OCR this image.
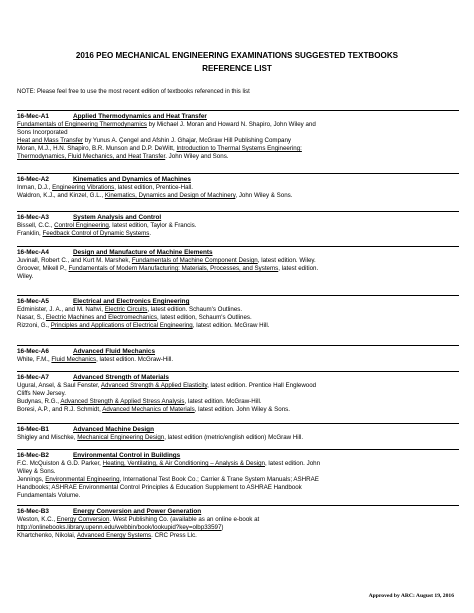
2016 PEO MECHANICAL ENGINEERING EXAMINATIONS SUGGESTED TEXTBOOKS
REFERENCE LIST
NOTE: Please feel free to use the most recent edition of textbooks referenced in this list
16-Mec-A1	Applied Thermodynamics and Heat Transfer
Fundamentals of Engineering Thermodynamics by Michael J. Moran and Howard N. Shapiro, John Wiley and
Sons Incorporated
Heat and Mass Transfer by Yunus A. Çengel and Afshin J. Ghajar, McGraw Hill Publishing Company
Moran, M.J., H.N. Shapiro, B.R. Munson and D.P. DeWitt, Introduction to Thermal Systems Engineering:
Thermodynamics, Fluid Mechanics, and Heat Transfer. John Wiley and Sons.
16-Mec-A2	Kinematics and Dynamics of Machines
Inman, D.J., Engineering Vibrations, latest edition, Prentice-Hall.
Waldron, K.J., and Kinzel, G.L., Kinematics, Dynamics and Design of Machinery, John Wiley & Sons.
16-Mec-A3	System Analysis and Control
Bissell, C.C., Control Engineering, latest edition, Taylor & Francis.
Franklin, Feedback Control of Dynamic Systems.
16-Mec-A4	Design and Manufacture of Machine Elements
Juvinall, Robert C., and Kurt M. Marshek, Fundamentals of Machine Component Design, latest edition. Wiley.
Groover, Mikell P., Fundamentals of Modern Manufacturing: Materials, Processes, and Systems, latest edition.
Wiley.
16-Mec-A5	Electrical and Electronics Engineering
Edminister, J. A., and M. Nahvi, Electric Circuits, latest edition. Schaum's Outlines.
Nasar, S., Electric Machines and Electromechanics, latest edition, Schaum's Outlines.
Rizzoni, G., Principles and Applications of Electrical Engineering, latest edition. McGraw Hill.
16-Mec-A6	Advanced Fluid Mechanics
White, F.M., Fluid Mechanics, latest edition. McGraw-Hill.
16-Mec-A7	Advanced Strength of Materials
Ugural, Ansel, & Saul Fenster, Advanced Strength & Applied Elasticity, latest edition. Prentice Hall Englewood
Cliffs New Jersey.
Budynas, R.G., Advanced Strength & Applied Stress Analysis, latest edition. McGraw-Hill.
Boresi, A.P., and R.J. Schmidt, Advanced Mechanics of Materials, latest edition. John Wiley & Sons.
16-Mec-B1	Advanced Machine Design
Shigley and Mischke, Mechanical Engineering Design, latest edition (metric/english edition) McGraw Hill.
16-Mec-B2	Environmental Control in Buildings
F.C. McQuiston & G.D. Parker, Heating, Ventilating, & Air Conditioning – Analysis & Design, latest edition. John
Wiley & Sons.
Jennings, Environmental Engineering, International Test Book Co.; Carrier & Trane System Manuals; ASHRAE
Handbooks; ASHRAE Environmental Control Principles & Education Supplement to ASHRAE Handbook
Fundamentals Volume.
16-Mec-B3	Energy Conversion and Power Generation
Weston, K.C., Energy Conversion. West Publishing Co. (available as an online e-book at
http://onlinebooks.library.upenn.edu/webbin/book/lookupid?key=olbp33597)
Khartchenko, Nikolai, Advanced Energy Systems. CRC Press Llc.
Approved by ARC: August 19, 2016
